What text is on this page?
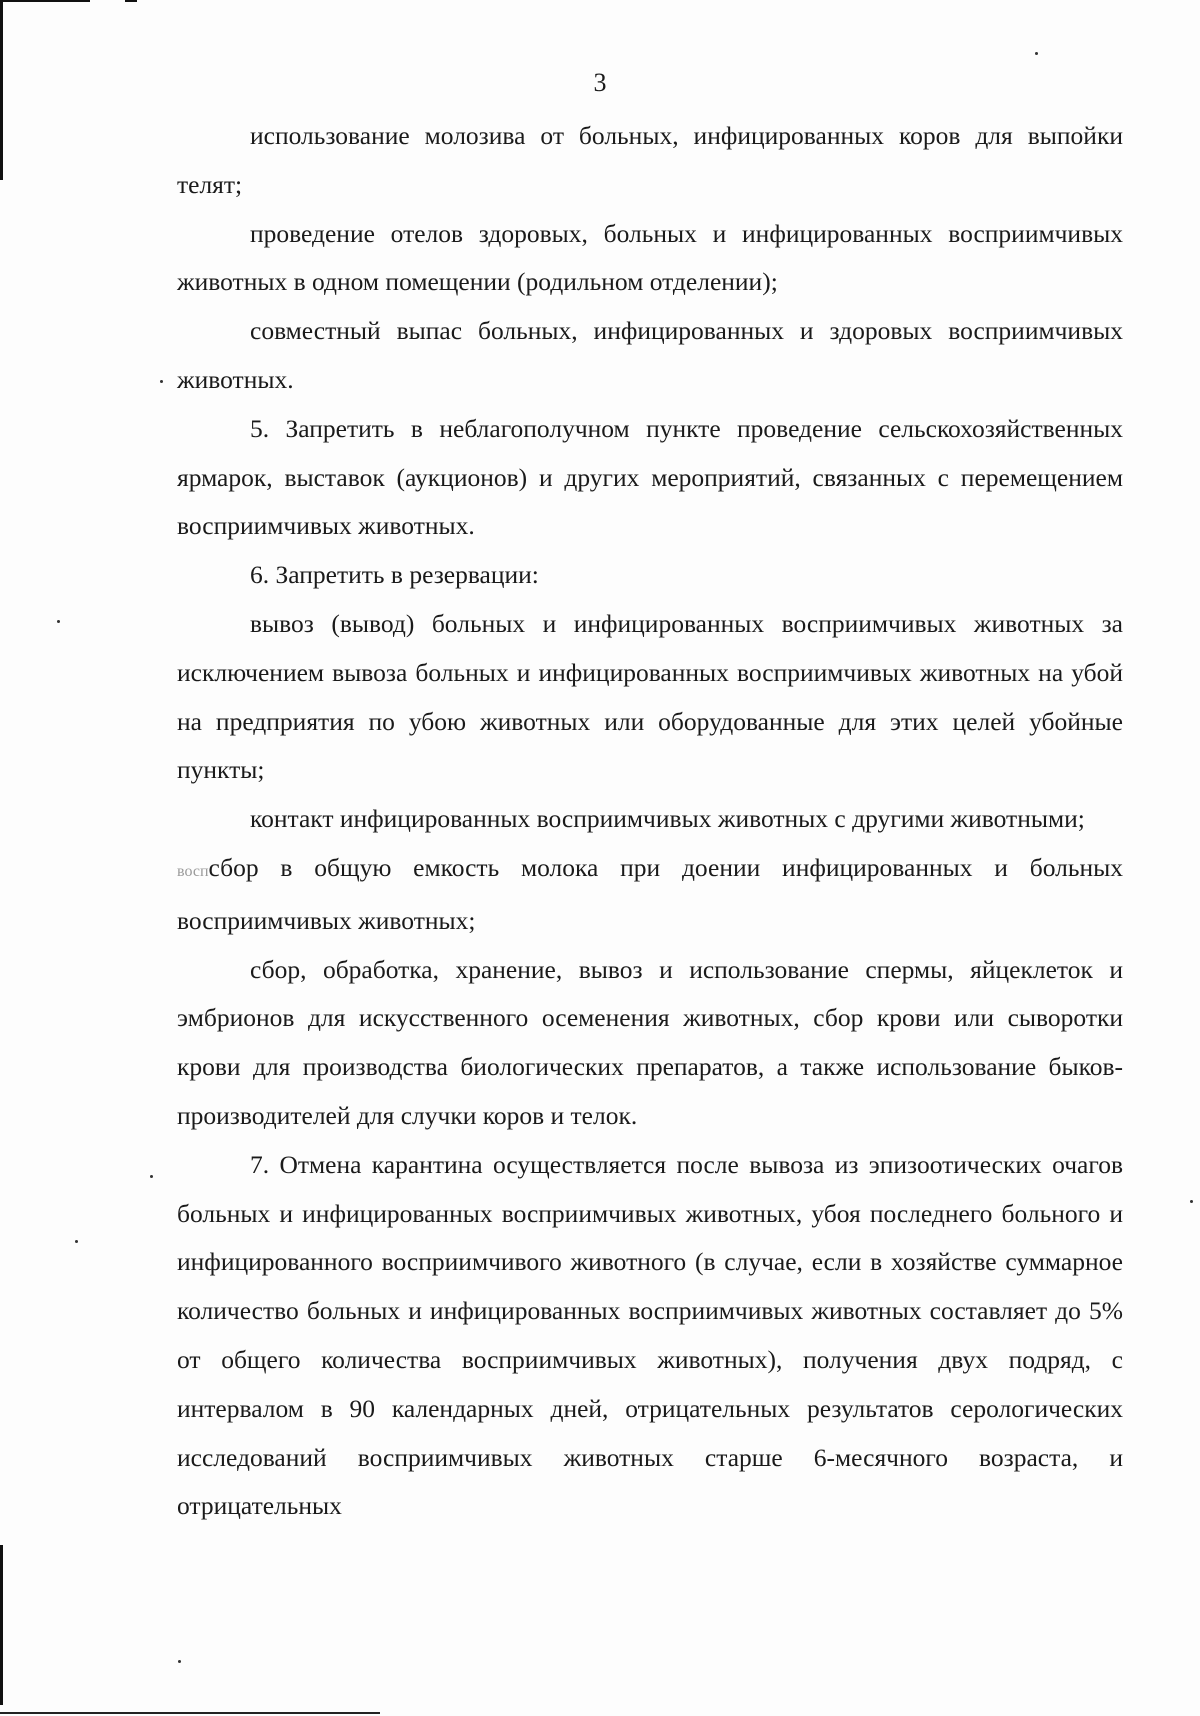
3

использование молозива от больных, инфицированных коров для выпойки телят;

проведение отелов здоровых, больных и инфицированных восприимчивых животных в одном помещении (родильном отделении);

совместный выпас больных, инфицированных и здоровых восприимчивых животных.

5. Запретить в неблагополучном пункте проведение сельскохозяйственных ярмарок, выставок (аукционов) и других мероприятий, связанных с перемещением восприимчивых животных.

6. Запретить в резервации:

вывоз (вывод) больных и инфицированных восприимчивых животных за исключением вывоза больных и инфицированных восприимчивых животных на убой на предприятия по убою животных или оборудованные для этих целей убойные пункты;

контакт инфицированных восприимчивых животных с другими животными;

воспсбор в общую емкость молока при доении инфицированных и больных восприимчивых животных;

сбор, обработка, хранение, вывоз и использование спермы, яйцеклеток и эмбрионов для искусственного осеменения животных, сбор крови или сыворотки крови для производства биологических препаратов, а также использование быков-производителей для случки коров и телок.

7. Отмена карантина осуществляется после вывоза из эпизоотических очагов больных и инфицированных восприимчивых животных, убоя последнего больного и инфицированного восприимчивого животного (в случае, если в хозяйстве суммарное количество больных и инфицированных восприимчивых животных составляет до 5% от общего количества восприимчивых животных), получения двух подряд, с интервалом в 90 календарных дней, отрицательных результатов серологических исследований восприимчивых животных старше 6-месячного возраста, и отрицательных
